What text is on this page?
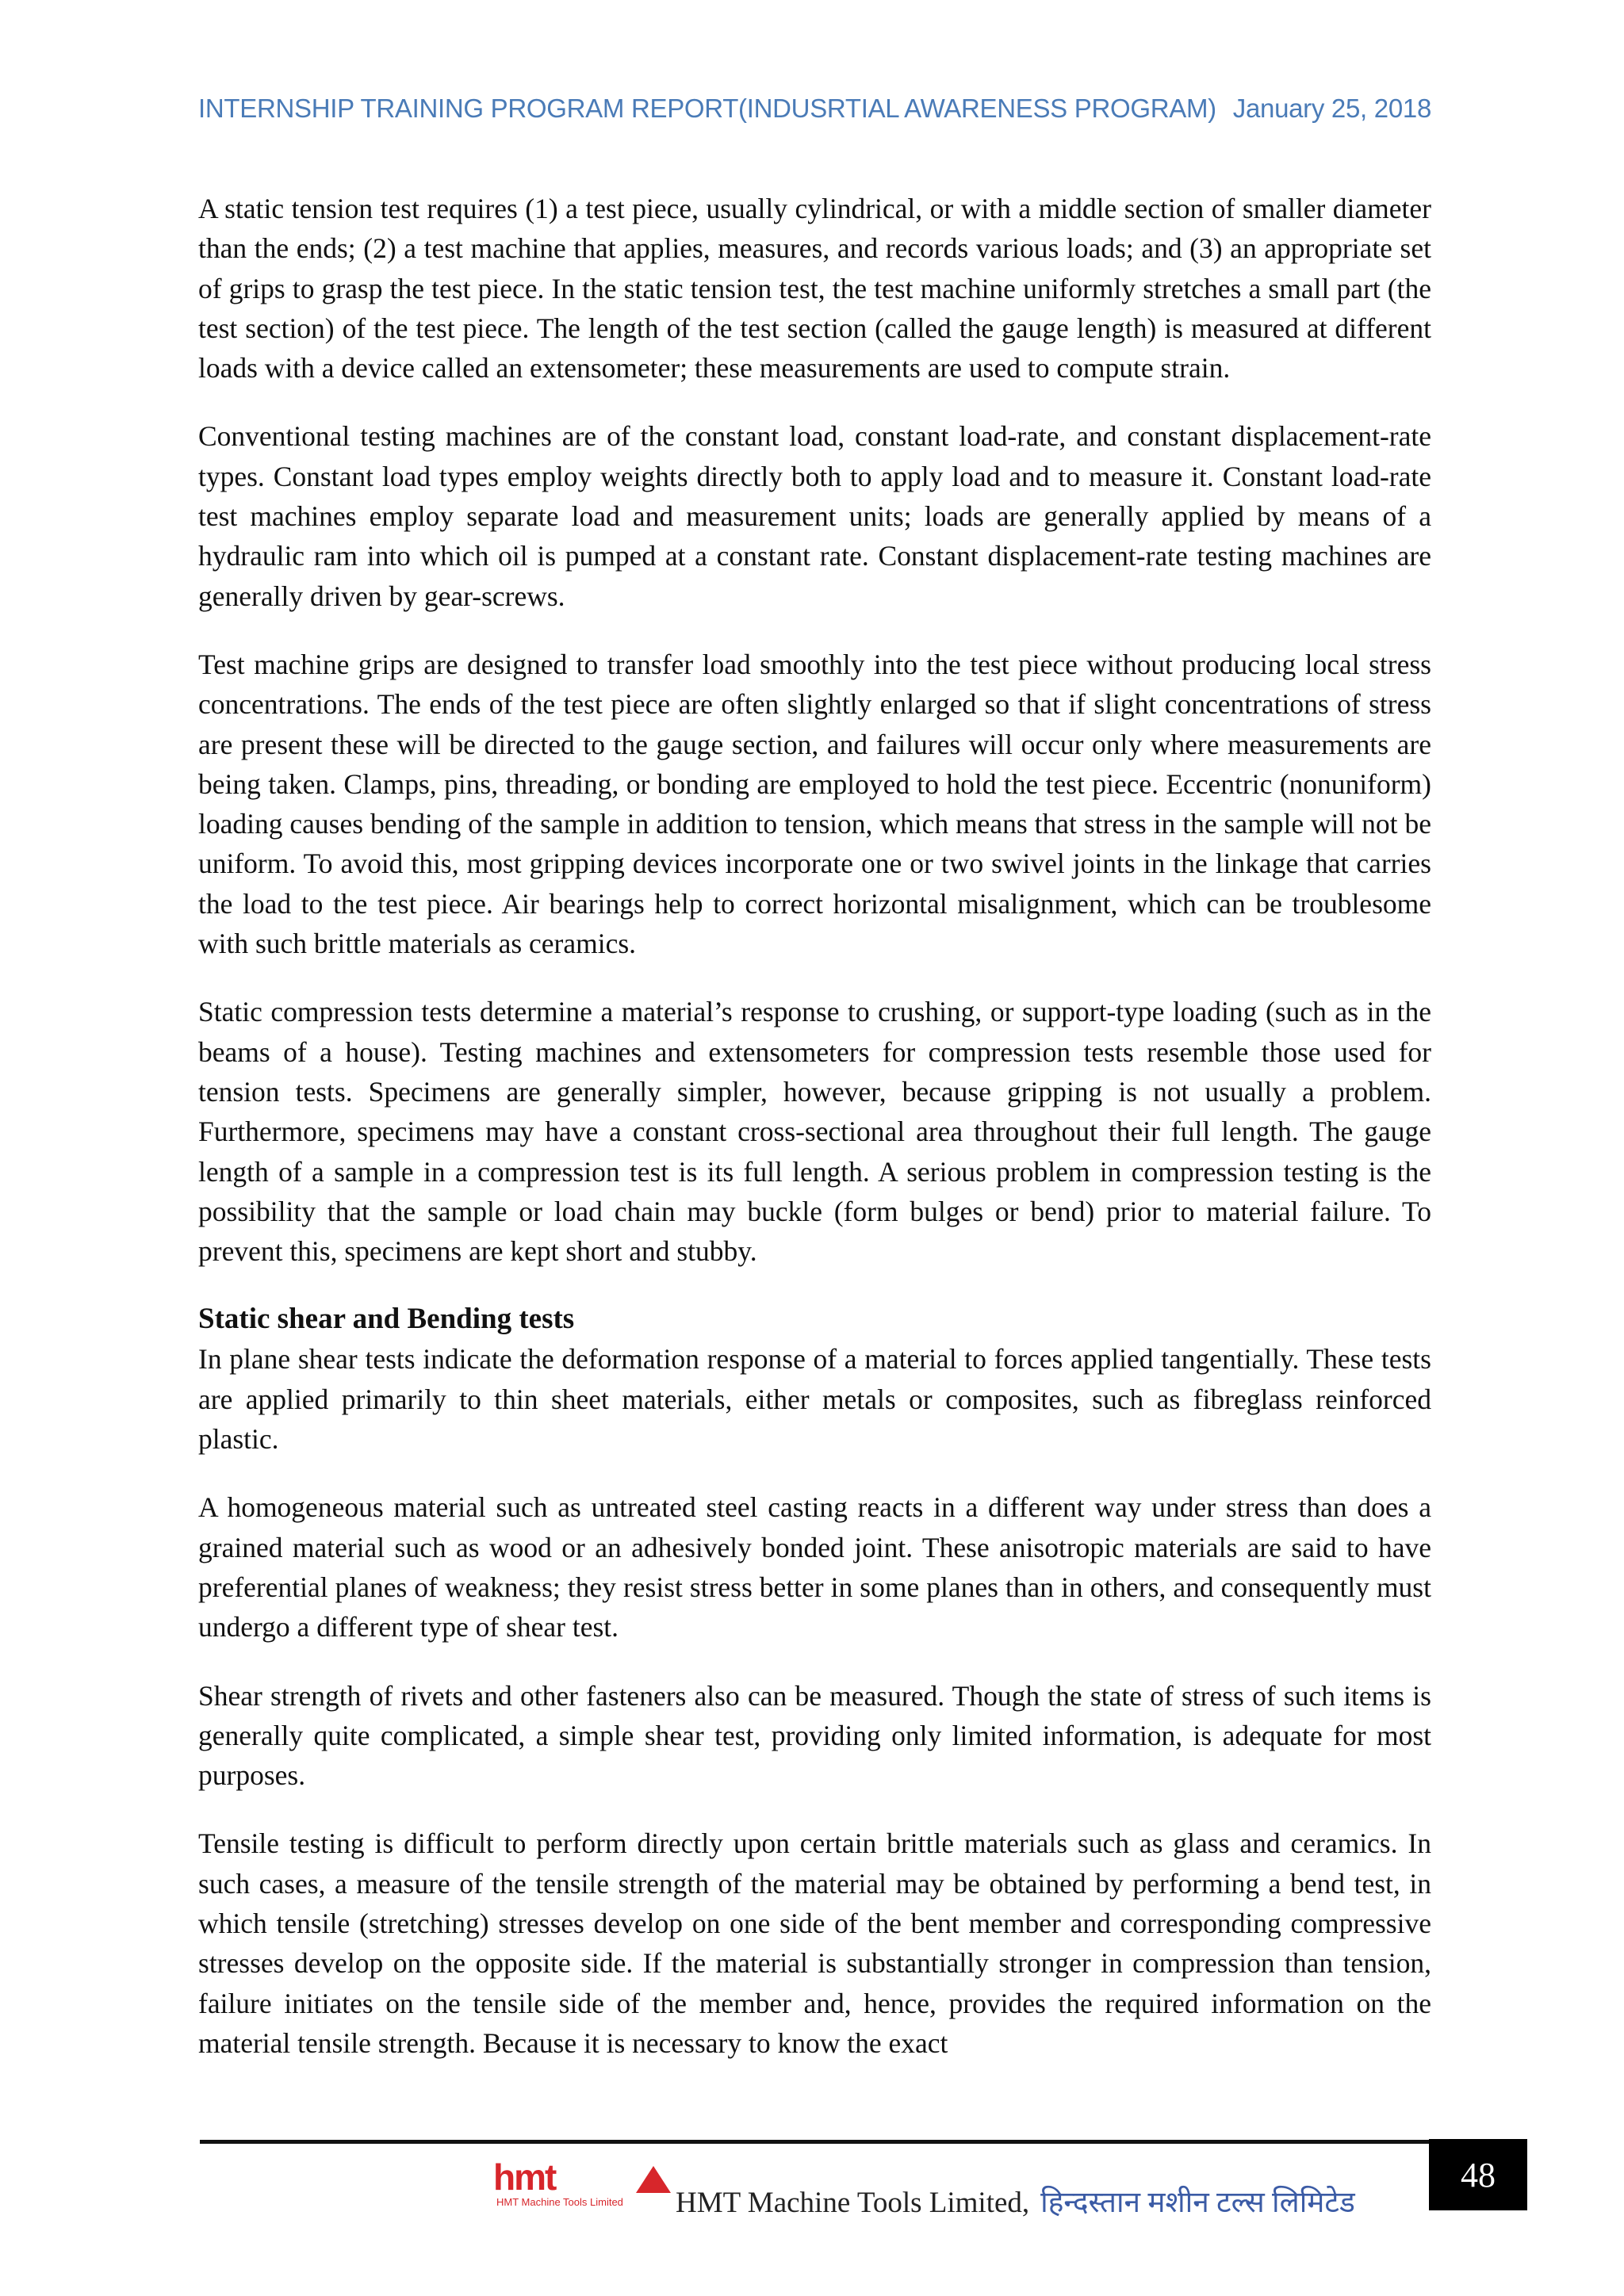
INTERNSHIP TRAINING PROGRAM REPORT(INDUSRTIAL AWARENESS PROGRAM) January 25, 2018

A static tension test requires (1) a test piece, usually cylindrical, or with a middle section of smaller diameter than the ends; (2) a test machine that applies, measures, and records various loads; and (3) an appropriate set of grips to grasp the test piece. In the static tension test, the test machine uniformly stretches a small part (the test section) of the test piece. The length of the test section (called the gauge length) is measured at different loads with a device called an extensometer; these measurements are used to compute strain.

Conventional testing machines are of the constant load, constant load-rate, and constant displacement-rate types. Constant load types employ weights directly both to apply load and to measure it. Constant load-rate test machines employ separate load and measurement units; loads are generally applied by means of a hydraulic ram into which oil is pumped at a constant rate. Constant displacement-rate testing machines are generally driven by gear-screws.

Test machine grips are designed to transfer load smoothly into the test piece without producing local stress concentrations. The ends of the test piece are often slightly enlarged so that if slight concentrations of stress are present these will be directed to the gauge section, and failures will occur only where measurements are being taken. Clamps, pins, threading, or bonding are employed to hold the test piece. Eccentric (nonuniform) loading causes bending of the sample in addition to tension, which means that stress in the sample will not be uniform. To avoid this, most gripping devices incorporate one or two swivel joints in the linkage that carries the load to the test piece. Air bearings help to correct horizontal misalignment, which can be troublesome with such brittle materials as ceramics.

Static compression tests determine a material’s response to crushing, or support-type loading (such as in the beams of a house). Testing machines and extensometers for compression tests resemble those used for tension tests. Specimens are generally simpler, however, because gripping is not usually a problem. Furthermore, specimens may have a constant cross-sectional area throughout their full length. The gauge length of a sample in a compression test is its full length. A serious problem in compression testing is the possibility that the sample or load chain may buckle (form bulges or bend) prior to material failure. To prevent this, specimens are kept short and stubby.

Static shear and Bending tests

In plane shear tests indicate the deformation response of a material to forces applied tangentially. These tests are applied primarily to thin sheet materials, either metals or composites, such as fibreglass reinforced plastic.

A homogeneous material such as untreated steel casting reacts in a different way under stress than does a grained material such as wood or an adhesively bonded joint. These anisotropic materials are said to have preferential planes of weakness; they resist stress better in some planes than in others, and consequently must undergo a different type of shear test.

Shear strength of rivets and other fasteners also can be measured. Though the state of stress of such items is generally quite complicated, a simple shear test, providing only limited information, is adequate for most purposes.

Tensile testing is difficult to perform directly upon certain brittle materials such as glass and ceramics. In such cases, a measure of the tensile strength of the material may be obtained by performing a bend test, in which tensile (stretching) stresses develop on one side of the bent member and corresponding compressive stresses develop on the opposite side. If the material is substantially stronger in compression than tension, failure initiates on the tensile side of the member and, hence, provides the required information on the material tensile strength. Because it is necessary to know the exact

hmt
HMT Machine Tools Limited HMT Machine Tools Limited, हिन्दस्तान मशीन टल्स लिमिटेड
48
